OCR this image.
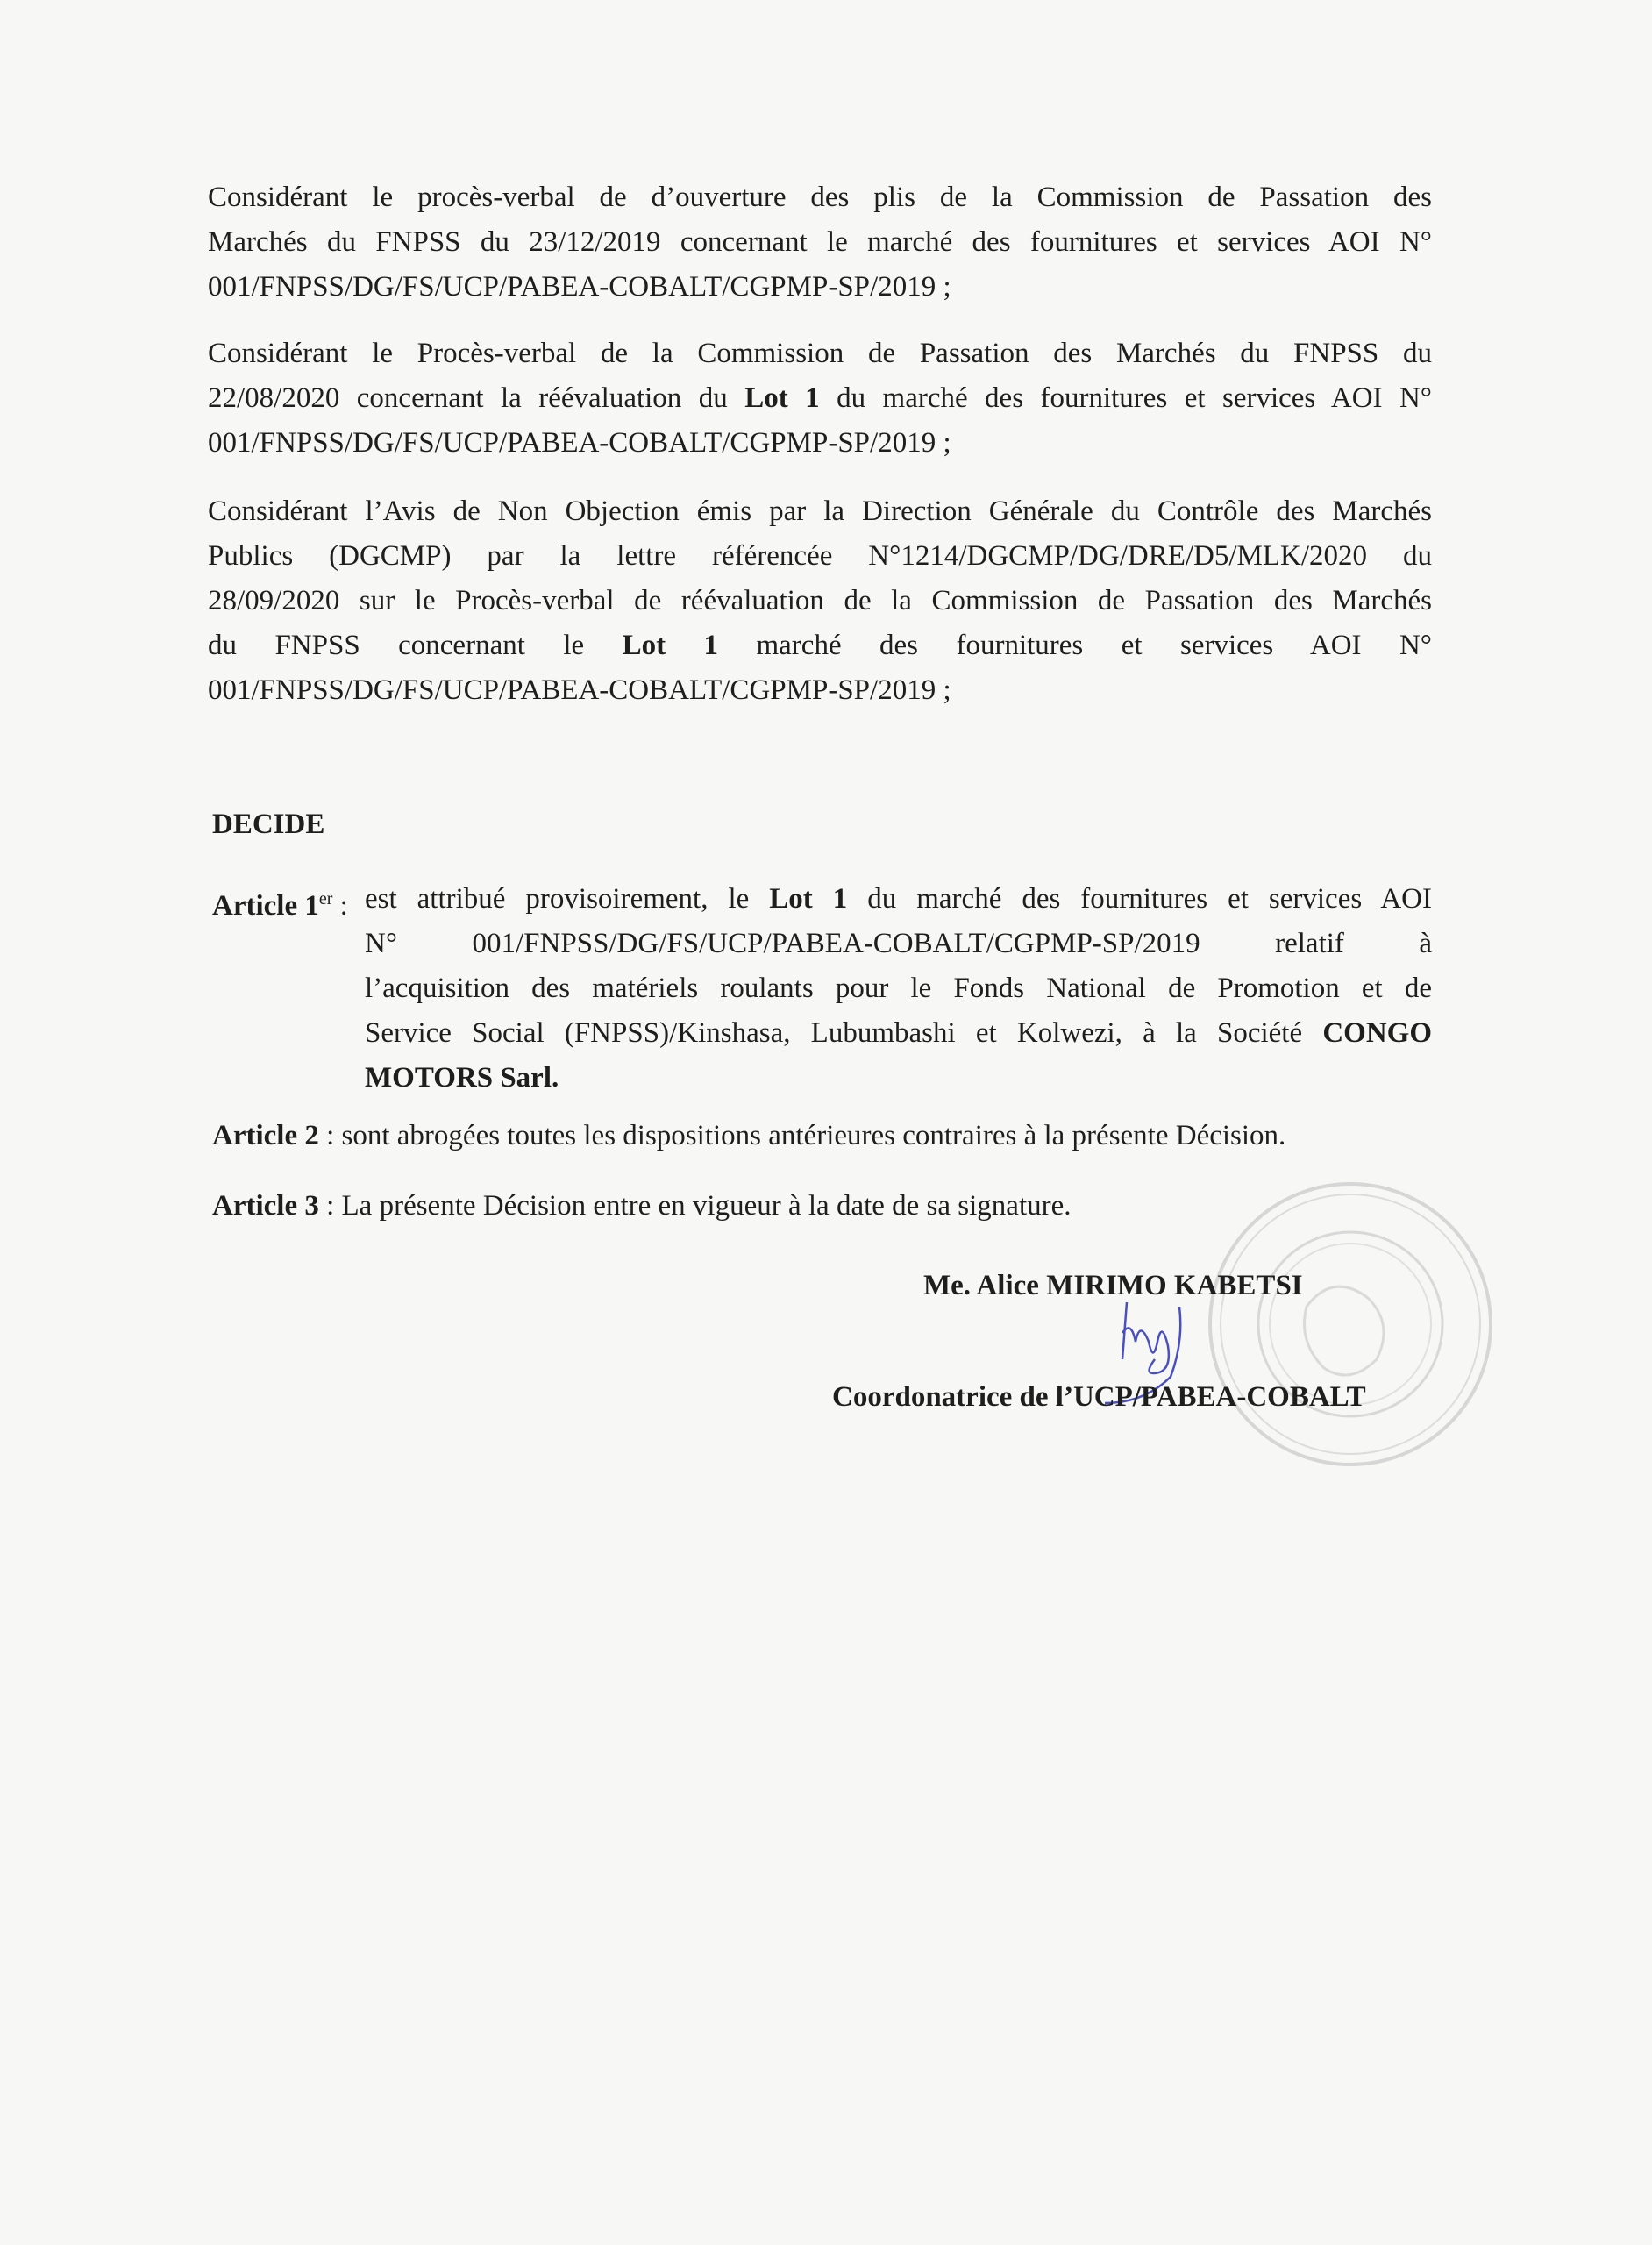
Considérant le procès-verbal de d’ouverture des plis de la Commission de Passation des
Marchés du FNPSS du 23/12/2019 concernant le marché des fournitures et services AOI N°
001/FNPSS/DG/FS/UCP/PABEA-COBALT/CGPMP-SP/2019 ;
Considérant le Procès-verbal de la Commission de Passation des Marchés du FNPSS du
22/08/2020 concernant la réévaluation du Lot 1 du marché des fournitures et services AOI N°
001/FNPSS/DG/FS/UCP/PABEA-COBALT/CGPMP-SP/2019 ;
Considérant l’Avis de Non Objection émis par la Direction Générale du Contrôle des Marchés
Publics (DGCMP) par la lettre référencée N°1214/DGCMP/DG/DRE/D5/MLK/2020 du
28/09/2020 sur le Procès-verbal de réévaluation de la Commission de Passation des Marchés
du FNPSS concernant le Lot 1 marché des fournitures et services AOI N°
001/FNPSS/DG/FS/UCP/PABEA-COBALT/CGPMP-SP/2019 ;
DECIDE
Article 1er : est attribué provisoirement, le Lot 1 du marché des fournitures et services AOI
N° 001/FNPSS/DG/FS/UCP/PABEA-COBALT/CGPMP-SP/2019 relatif à
l’acquisition des matériels roulants pour le Fonds National de Promotion et de
Service Social (FNPSS)/Kinshasa, Lubumbashi et Kolwezi, à la Société CONGO
MOTORS Sarl.
Article 2 : sont abrogées toutes les dispositions antérieures contraires à la présente Décision.
Article 3 : La présente Décision entre en vigueur à la date de sa signature.
Me. Alice MIRIMO KABETSI
Coordonatrice de l’UCP/PABEA-COBALT
